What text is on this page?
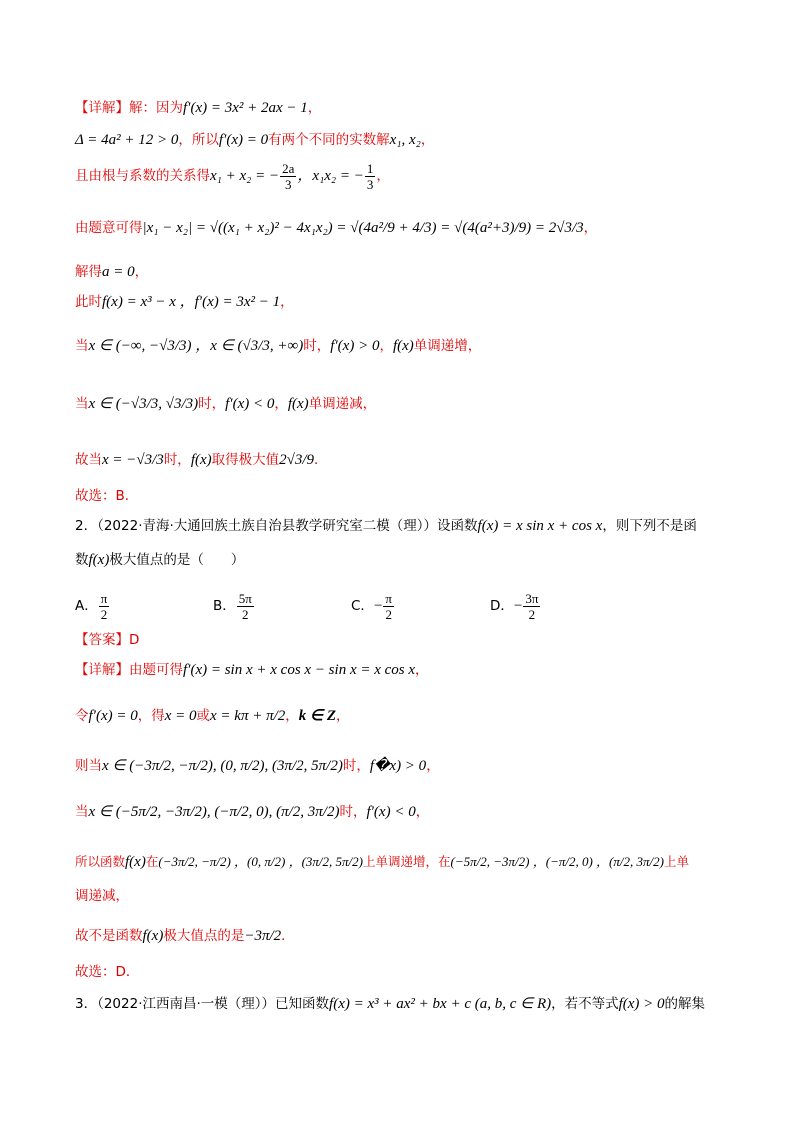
【详解】解：因为f′(x) = 3x² + 2ax − 1，
Δ = 4a² + 12 > 0，所以f′(x) = 0有两个不同的实数解x₁, x₂，
且由根与系数的关系得x₁ + x₂ = − $\frac{2a}{3}$ ，x₁x₂ = − $\frac{1}{3}$ ，
由题意可得|x₁ − x₂| = √((x₁ + x₂)² − 4x₁x₂) = √(4a²/9 + 4/3) = √(4(a²+3)/9) = 2√3/3，
解得a = 0，
此时f(x) = x³ − x ，f′(x) = 3x² − 1，
当x ∈ (−∞, −√3/3) ，x ∈ (√3/3, +∞)时，f′(x) > 0，f(x)单调递增，
当x ∈ (−√3/3, √3/3)时，f′(x) < 0，f(x)单调递减，
故当x = −√3/3时，f(x)取得极大值2√3/9．
故选：B．
2．（2022·青海·大通回族土族自治县教学研究室二模（理））设函数f(x) = x sin x + cos x，则下列不是函
数f(x)极大值点的是（　　）
A． $\frac{\pi}{2}$	B． $\frac{5\pi}{2}$	C．− $\frac{\pi}{2}$	D．− $\frac{3\pi}{2}$
【答案】D
【详解】由题可得f′(x) = sin x + x cos x − sin x = x cos x，
令f′(x) = 0，得x = 0或x = kπ + π/2，k ∈ Z，
则当x ∈ (−3π/2, −π/2), (0, π/2), (3π/2, 5π/2)时，f�x) > 0，
当x ∈ (−5π/2, −3π/2), (−π/2, 0), (π/2, 3π/2)时，f′(x) < 0，
所以函数f(x)在(−3π/2, −π/2) ，(0, π/2) ，(3π/2, 5π/2)上单调递增，在(−5π/2, −3π/2) ，(−π/2, 0) ，(π/2, 3π/2)上单
调递减，
故不是函数f(x)极大值点的是−3π/2．
故选：D．
3．（2022·江西南昌·一模（理））已知函数f(x) = x³ + ax² + bx + c (a, b, c ∈ R)，若不等式f(x) > 0的解集
